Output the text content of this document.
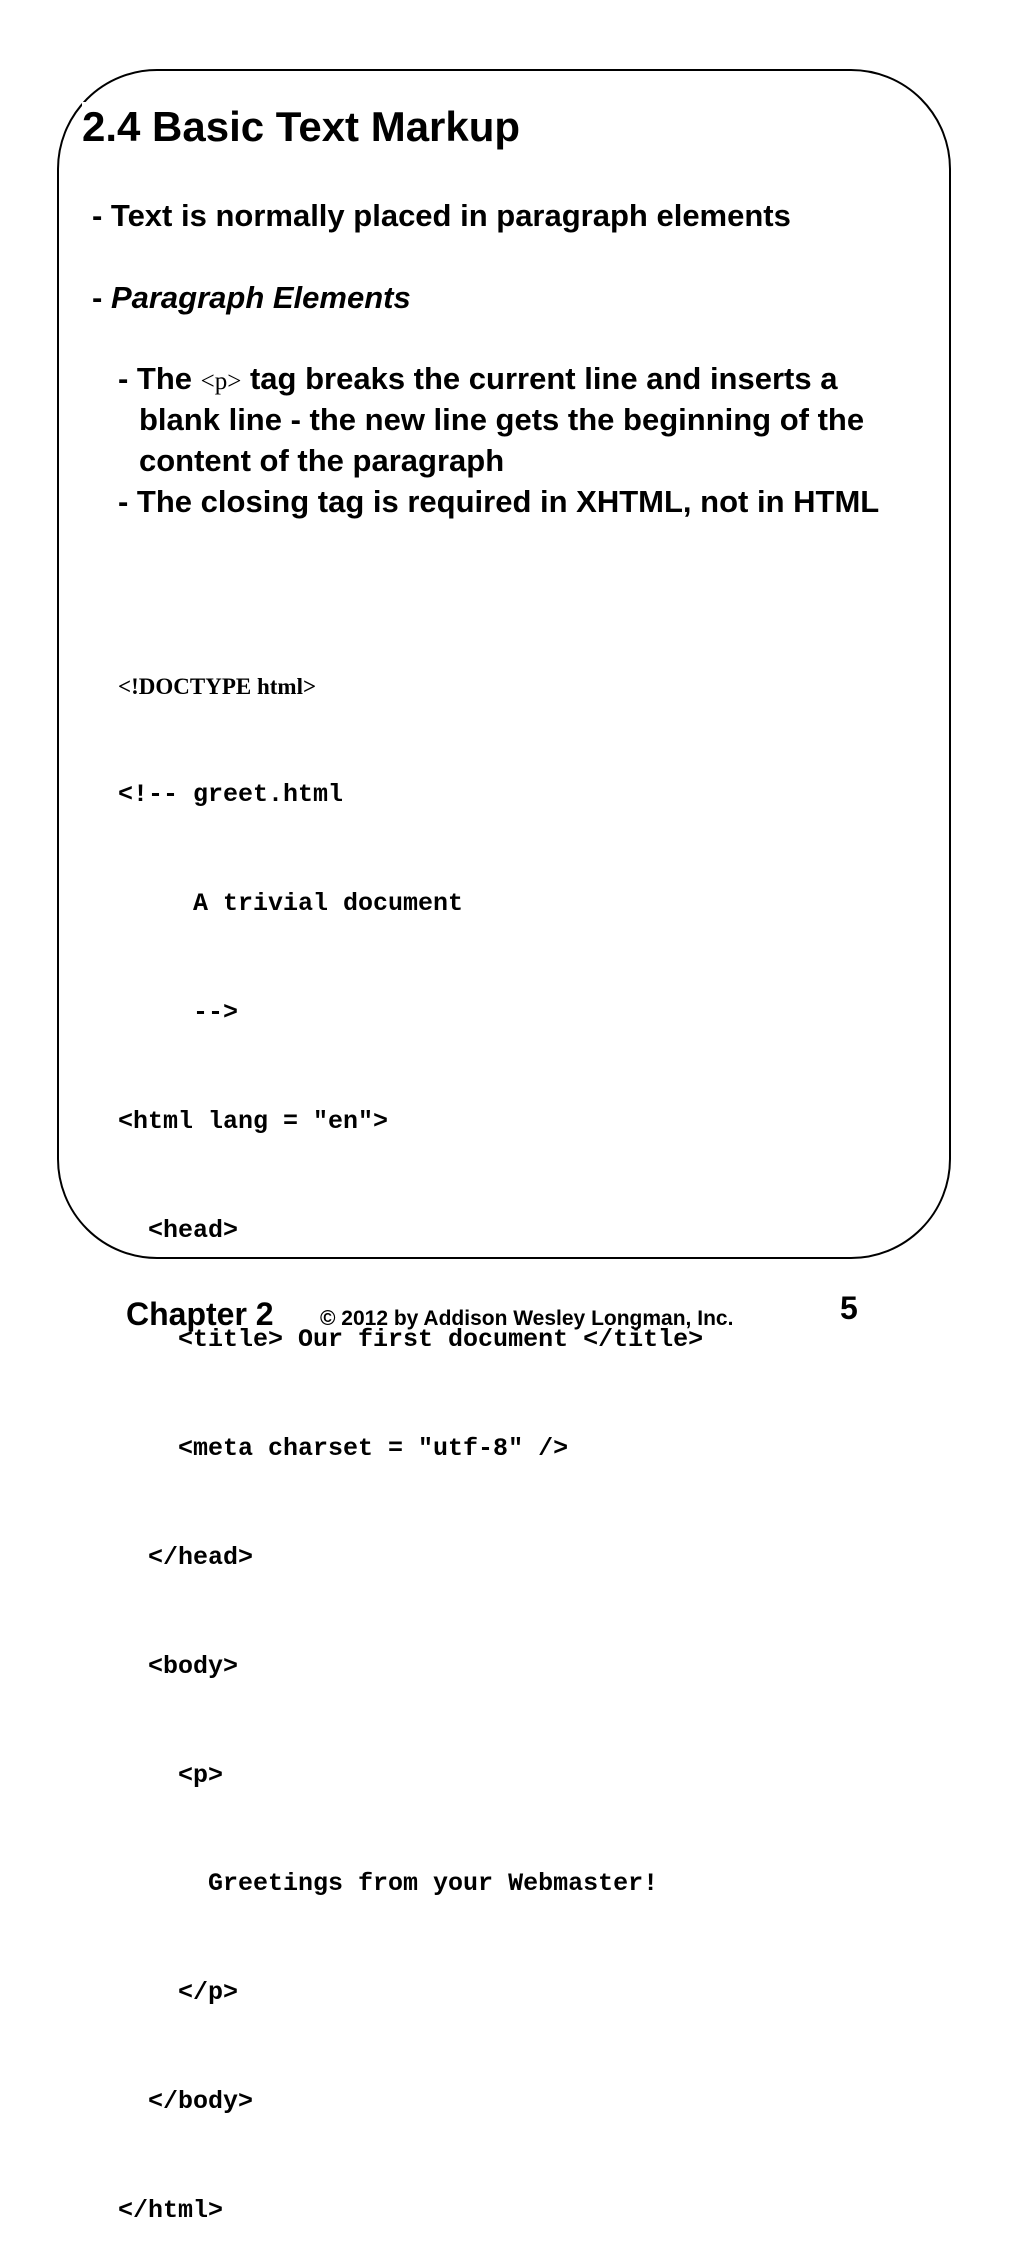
2.4 Basic Text Markup
- Text is normally placed in paragraph elements
- Paragraph Elements
- The <p> tag breaks the current line and inserts a
blank line - the new line gets the beginning of the
content of the paragraph
- The closing tag is required in XHTML, not in HTML

<!DOCTYPE html>

<!-- greet.html

A trivial document

-->

<html lang = ″en″>

<head>

<title> Our first document </title>

<meta charset = ″utf-8″ />

</head>

<body>

<p>

Greetings from your Webmaster!

</p>

</body>

</html>

Chapter 2 © 2012 by Addison Wesley Longman, Inc.	5
